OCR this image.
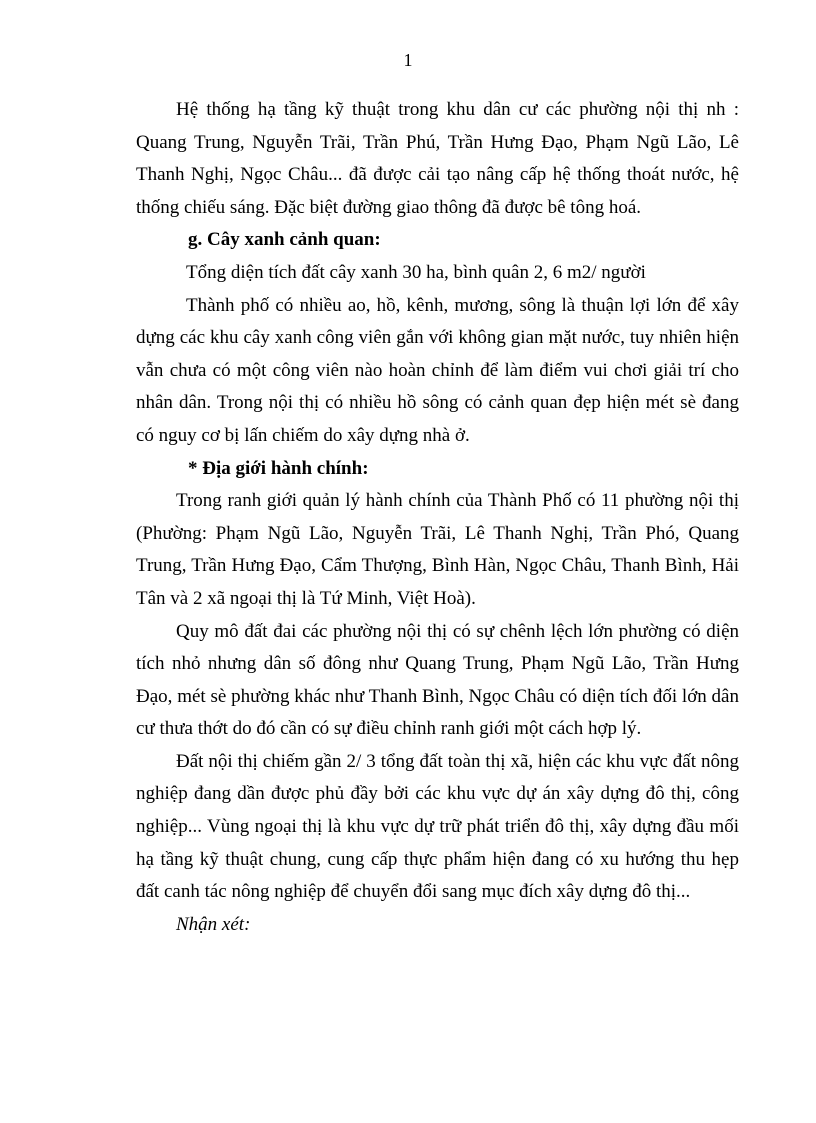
1

Hệ thống hạ tầng kỹ thuật trong khu dân cư các phường nội thị nh : Quang Trung, Nguyễn Trãi, Trần Phú, Trần Hưng Đạo, Phạm Ngũ Lão, Lê Thanh Nghị, Ngọc Châu... đã được cải tạo nâng cấp hệ thống thoát nước, hệ thống chiếu sáng. Đặc biệt đường giao thông đã được bê tông hoá.

g. Cây xanh cảnh quan:

Tổng diện tích đất cây xanh 30 ha, bình quân 2, 6 m2/ người

Thành phố có nhiều ao, hồ, kênh, mương, sông là thuận lợi lớn để xây dựng các khu cây xanh công viên gắn với không gian mặt nước, tuy nhiên hiện vẫn chưa có một công viên nào hoàn chỉnh để làm điểm vui chơi giải trí cho nhân dân. Trong nội thị có nhiều hồ sông có cảnh quan đẹp hiện mét sè đang có nguy cơ bị lấn chiếm do xây dựng nhà ở.

* Địa giới hành chính:

Trong ranh giới quản lý hành chính của Thành Phố có 11 phường nội thị (Phường: Phạm Ngũ Lão, Nguyễn Trãi, Lê Thanh Nghị, Trần Phó, Quang Trung, Trần Hưng Đạo, Cẩm Thượng, Bình Hàn, Ngọc Châu, Thanh Bình, Hải Tân và 2 xã ngoại thị là Tứ Minh, Việt Hoà).

Quy mô đất đai các phường nội thị có sự chênh lệch lớn phường có diện tích nhỏ nhưng dân số đông như Quang Trung, Phạm Ngũ Lão, Trần Hưng Đạo, mét sè phường khác như Thanh Bình, Ngọc Châu có diện tích đối lớn dân cư thưa thớt do đó cần có sự điều chỉnh ranh giới một cách hợp lý.

Đất nội thị chiếm gần 2/ 3 tổng đất toàn thị xã, hiện các khu vực đất nông nghiệp đang dần được phủ đầy bởi các khu vực dự án xây dựng đô thị, công nghiệp... Vùng ngoại thị là khu vực dự trữ phát triển đô thị, xây dựng đầu mối hạ tầng kỹ thuật chung, cung cấp thực phẩm hiện đang có xu hướng thu hẹp đất canh tác nông nghiệp để chuyển đổi sang mục đích xây dựng đô thị...

Nhận xét:
